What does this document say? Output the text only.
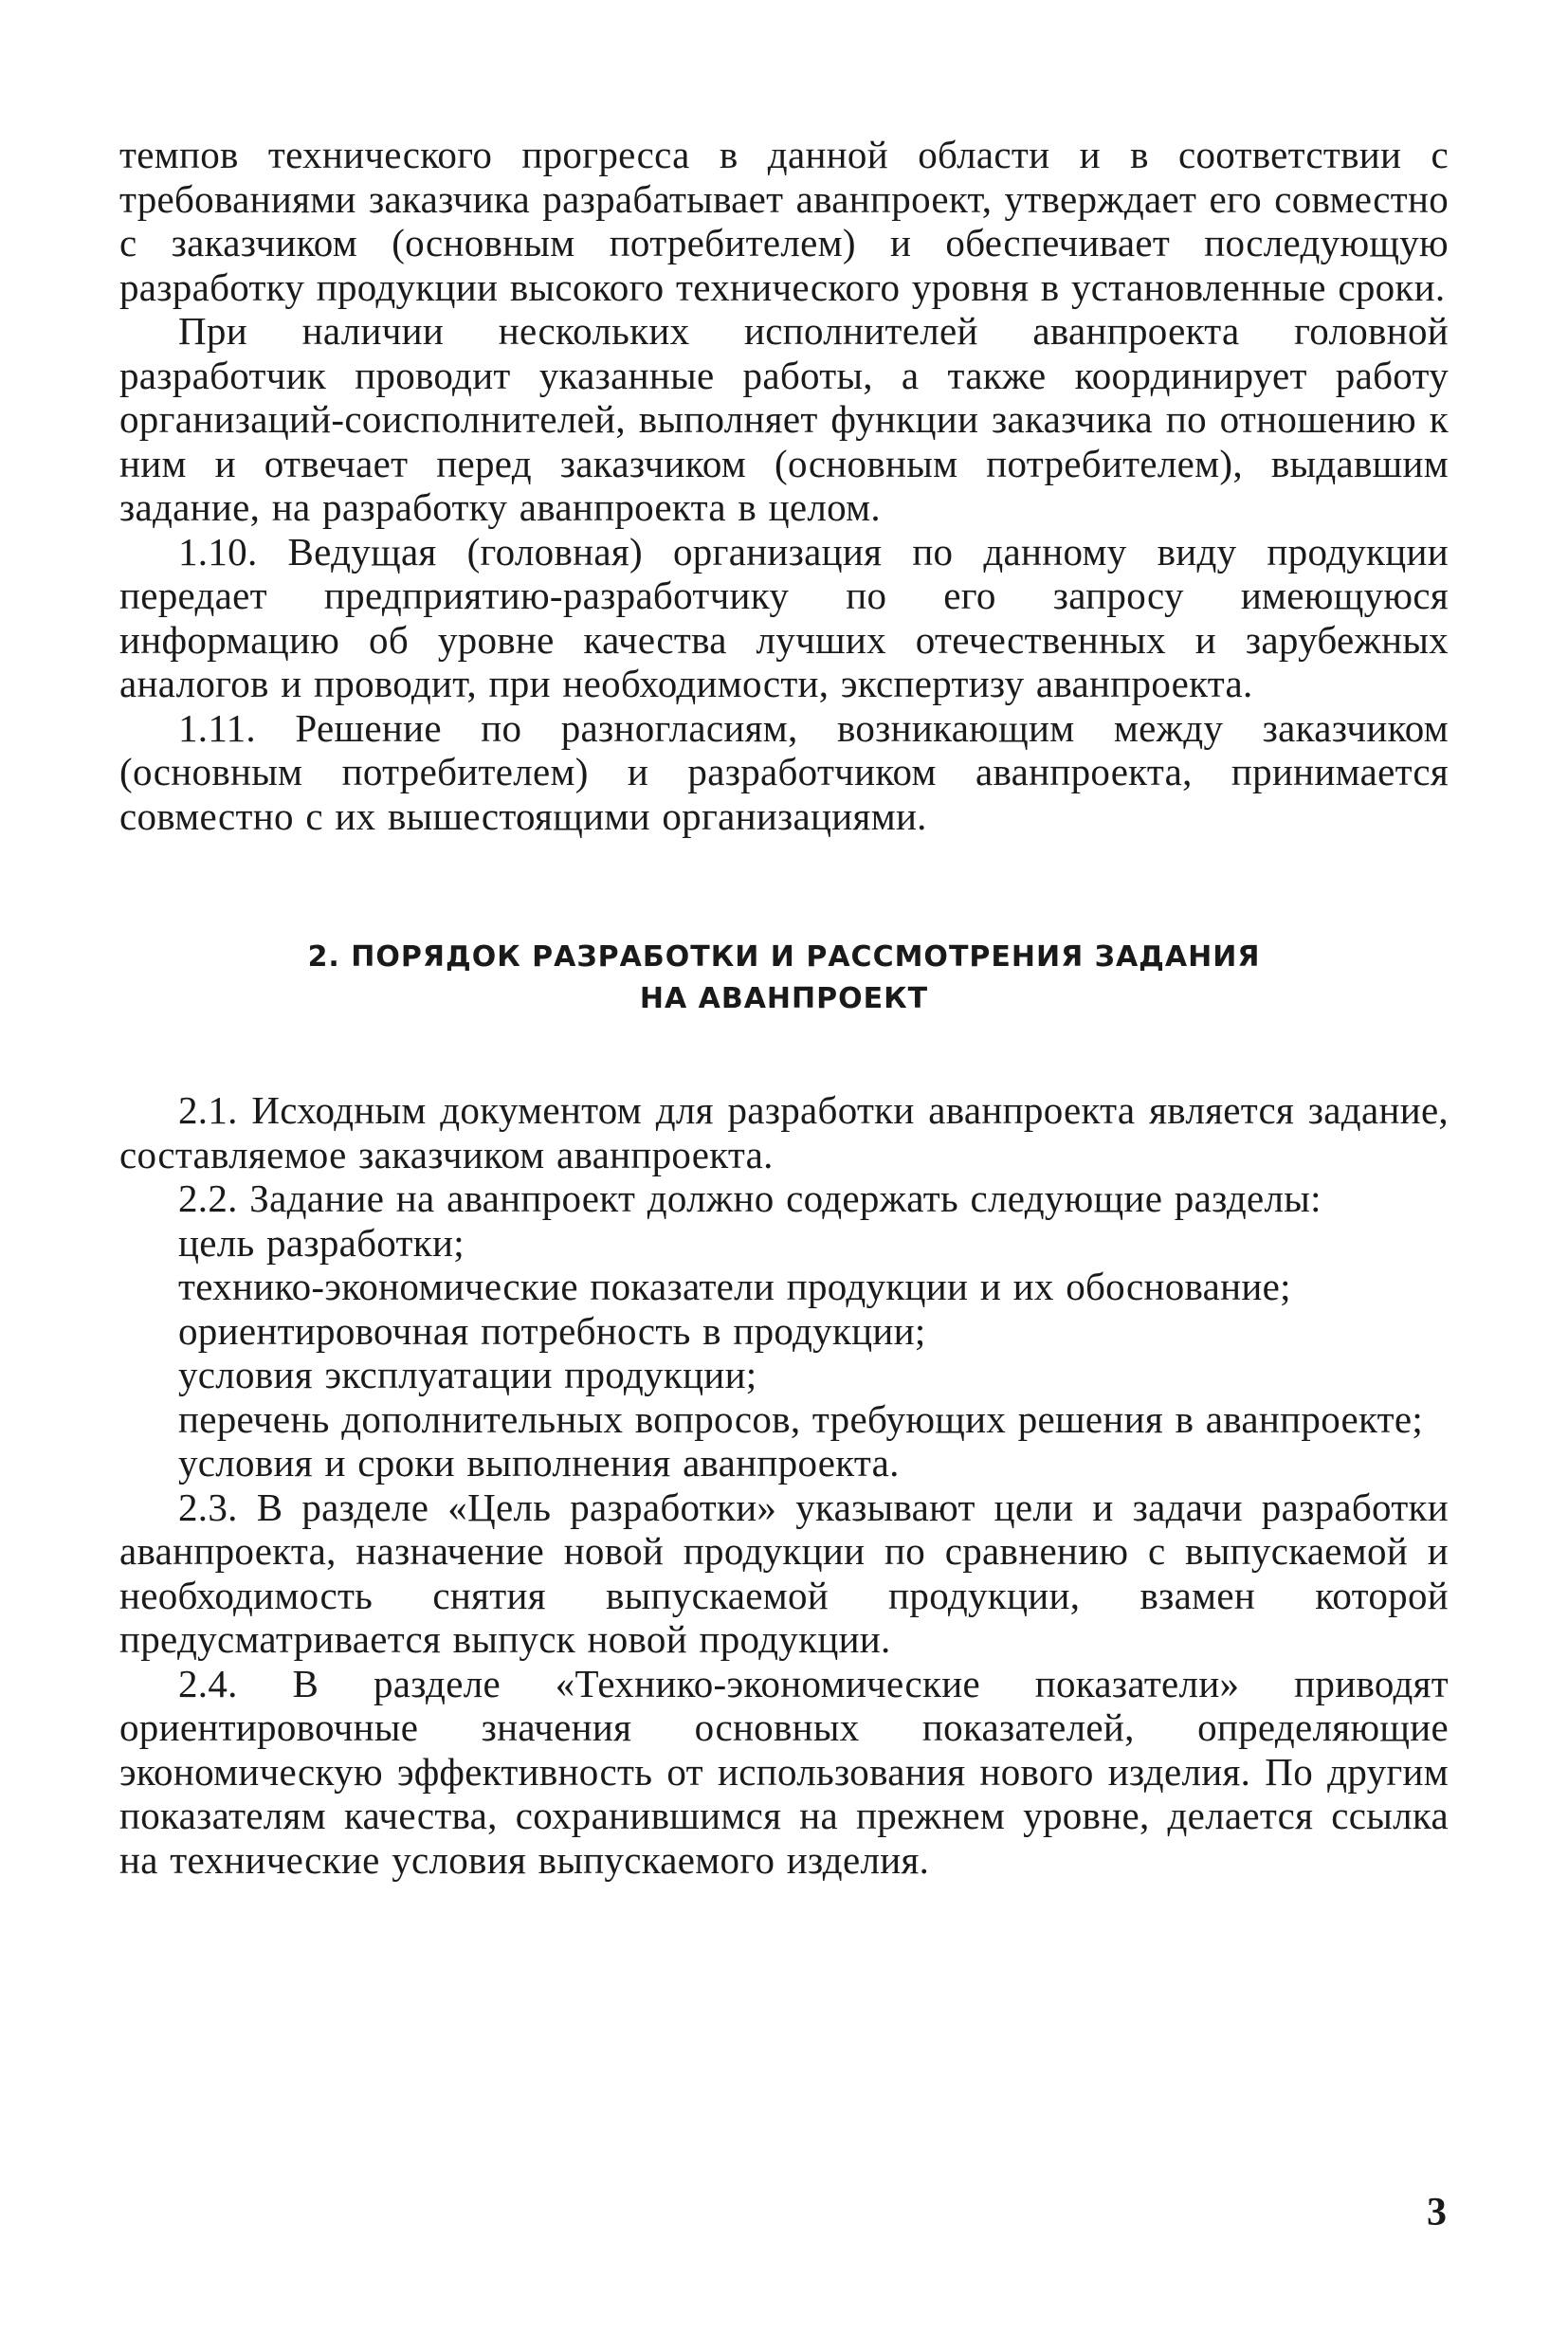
темпов технического прогресса в данной области и в соответствии с требованиями заказчика разрабатывает аванпроект, утверждает его совместно с заказчиком (основным потребителем) и обеспечивает последующую разработку продукции высокого технического уровня в установленные сроки.

При наличии нескольких исполнителей аванпроекта головной разработчик проводит указанные работы, а также координирует работу организаций-соисполнителей, выполняет функции заказчика по отношению к ним и отвечает перед заказчиком (основным потребителем), выдавшим задание, на разработку аванпроекта в целом.

1.10. Ведущая (головная) организация по данному виду продукции передает предприятию-разработчику по его запросу имеющуюся информацию об уровне качества лучших отечественных и зарубежных аналогов и проводит, при необходимости, экспертизу аванпроекта.

1.11. Решение по разногласиям, возникающим между заказчиком (основным потребителем) и разработчиком аванпроекта, принимается совместно с их вышестоящими организациями.

2. ПОРЯДОК РАЗРАБОТКИ И РАССМОТРЕНИЯ ЗАДАНИЯ

НА АВАНПРОЕКТ

2.1. Исходным документом для разработки аванпроекта является задание, составляемое заказчиком аванпроекта.

2.2. Задание на аванпроект должно содержать следующие разделы:

цель разработки;

технико-экономические показатели продукции и их обоснование;

ориентировочная потребность в продукции;

условия эксплуатации продукции;

перечень дополнительных вопросов, требующих решения в аванпроекте;

условия и сроки выполнения аванпроекта.

2.3. В разделе «Цель разработки» указывают цели и задачи разработки аванпроекта, назначение новой продукции по сравнению с выпускаемой и необходимость снятия выпускаемой продукции, взамен которой предусматривается выпуск новой продукции.

2.4. В разделе «Технико-экономические показатели» приводят ориентировочные значения основных показателей, определяющие экономическую эффективность от использования нового изделия. По другим показателям качества, сохранившимся на прежнем уровне, делается ссылка на технические условия выпускаемого изделия.

3
